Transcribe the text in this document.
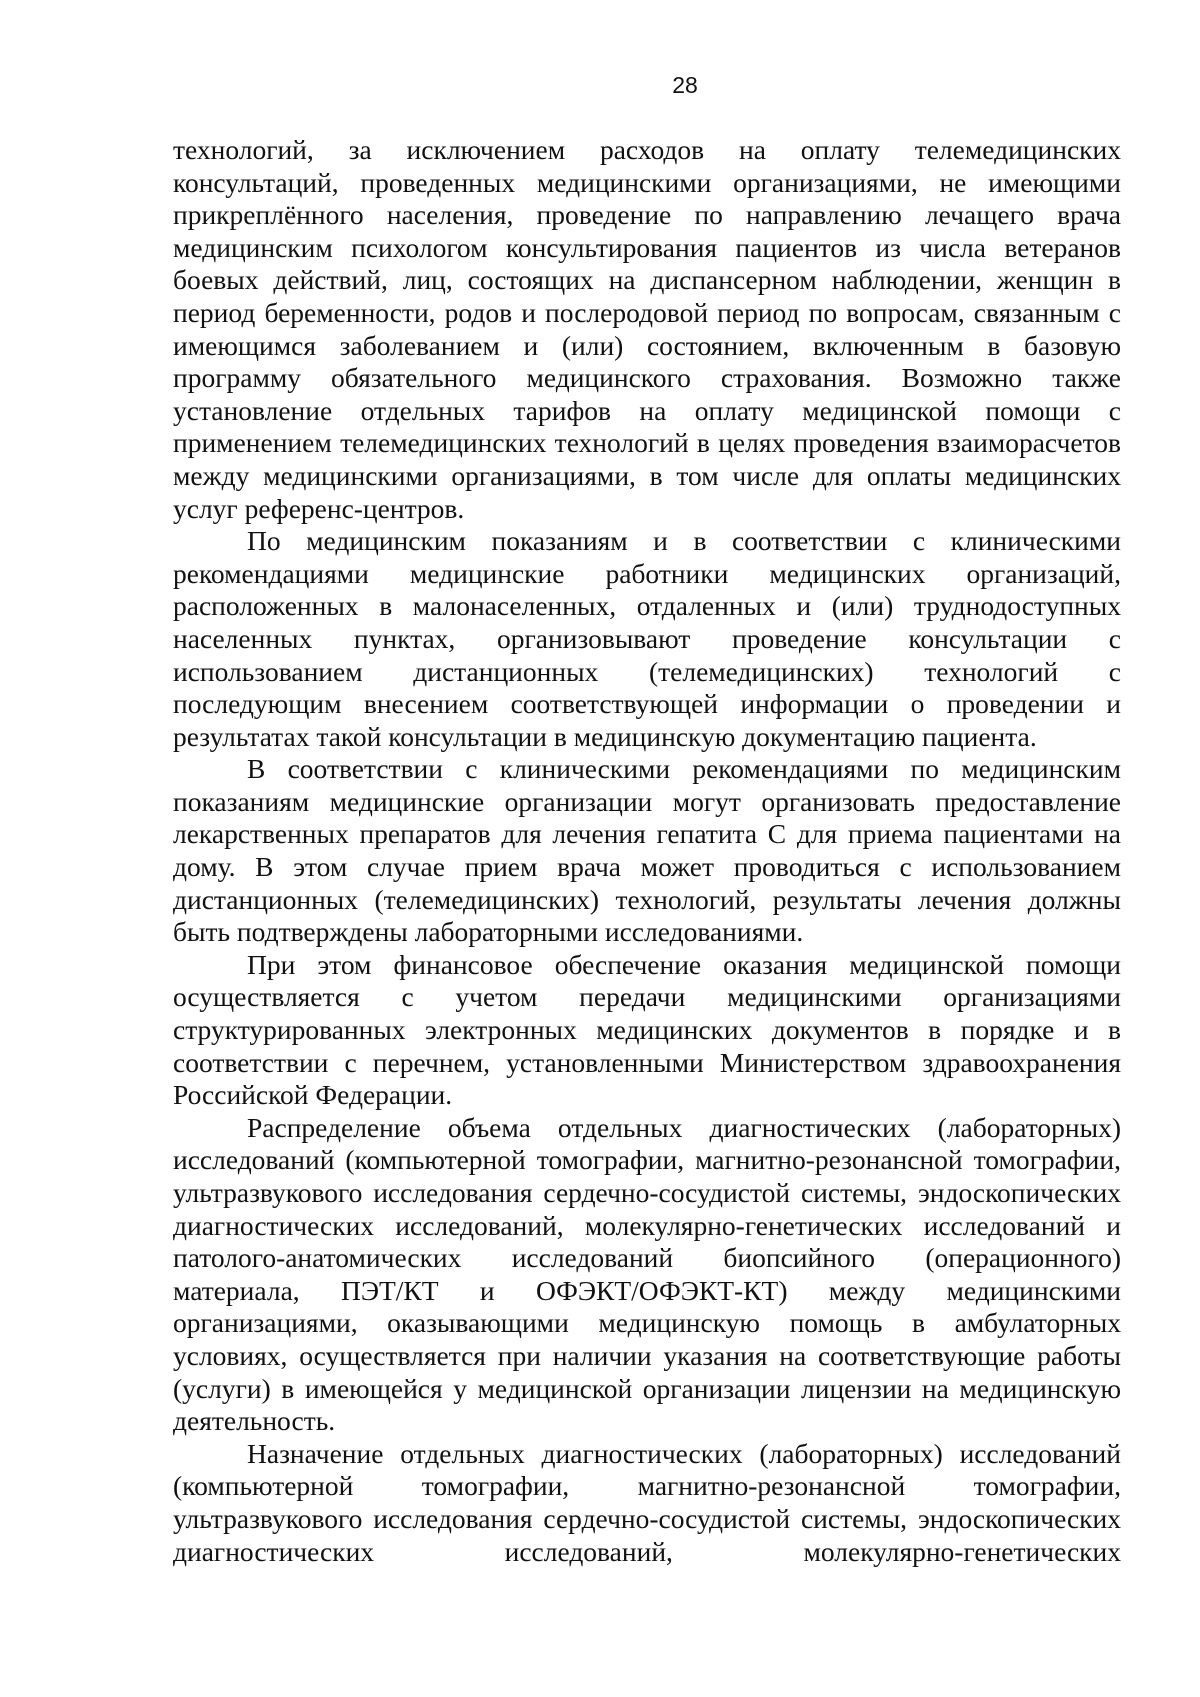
28

технологий, за исключением расходов на оплату телемедицинских консультаций, проведенных медицинскими организациями, не имеющими прикреплённого населения, проведение по направлению лечащего врача медицинским психологом консультирования пациентов из числа ветеранов боевых действий, лиц, состоящих на диспансерном наблюдении, женщин в период беременности, родов и послеродовой период по вопросам, связанным с имеющимся заболеванием и (или) состоянием, включенным в базовую программу обязательного медицинского страхования. Возможно также установление отдельных тарифов на оплату медицинской помощи с применением телемедицинских технологий в целях проведения взаиморасчетов между медицинскими организациями, в том числе для оплаты медицинских услуг референс-центров.

По медицинским показаниям и в соответствии с клиническими рекомендациями медицинские работники медицинских организаций, расположенных в малонаселенных, отдаленных и (или) труднодоступных населенных пунктах, организовывают проведение консультации с использованием дистанционных (телемедицинских) технологий с последующим внесением соответствующей информации о проведении и результатах такой консультации в медицинскую документацию пациента.

В соответствии с клиническими рекомендациями по медицинским показаниям медицинские организации могут организовать предоставление лекарственных препаратов для лечения гепатита С для приема пациентами на дому. В этом случае прием врача может проводиться с использованием дистанционных (телемедицинских) технологий, результаты лечения должны быть подтверждены лабораторными исследованиями.

При этом финансовое обеспечение оказания медицинской помощи осуществляется с учетом передачи медицинскими организациями структурированных электронных медицинских документов в порядке и в соответствии с перечнем, установленными Министерством здравоохранения Российской Федерации.

Распределение объема отдельных диагностических (лабораторных) исследований (компьютерной томографии, магнитно-резонансной томографии, ультразвукового исследования сердечно-сосудистой системы, эндоскопических диагностических исследований, молекулярно-генетических исследований и патолого-анатомических исследований биопсийного (операционного) материала, ПЭТ/КТ и ОФЭКТ/ОФЭКТ-КТ) между медицинскими организациями, оказывающими медицинскую помощь в амбулаторных условиях, осуществляется при наличии указания на соответствующие работы (услуги) в имеющейся у медицинской организации лицензии на медицинскую деятельность.

Назначение отдельных диагностических (лабораторных) исследований (компьютерной томографии, магнитно-резонансной томографии, ультразвукового исследования сердечно-сосудистой системы, эндоскопических диагностических исследований, молекулярно-генетических
